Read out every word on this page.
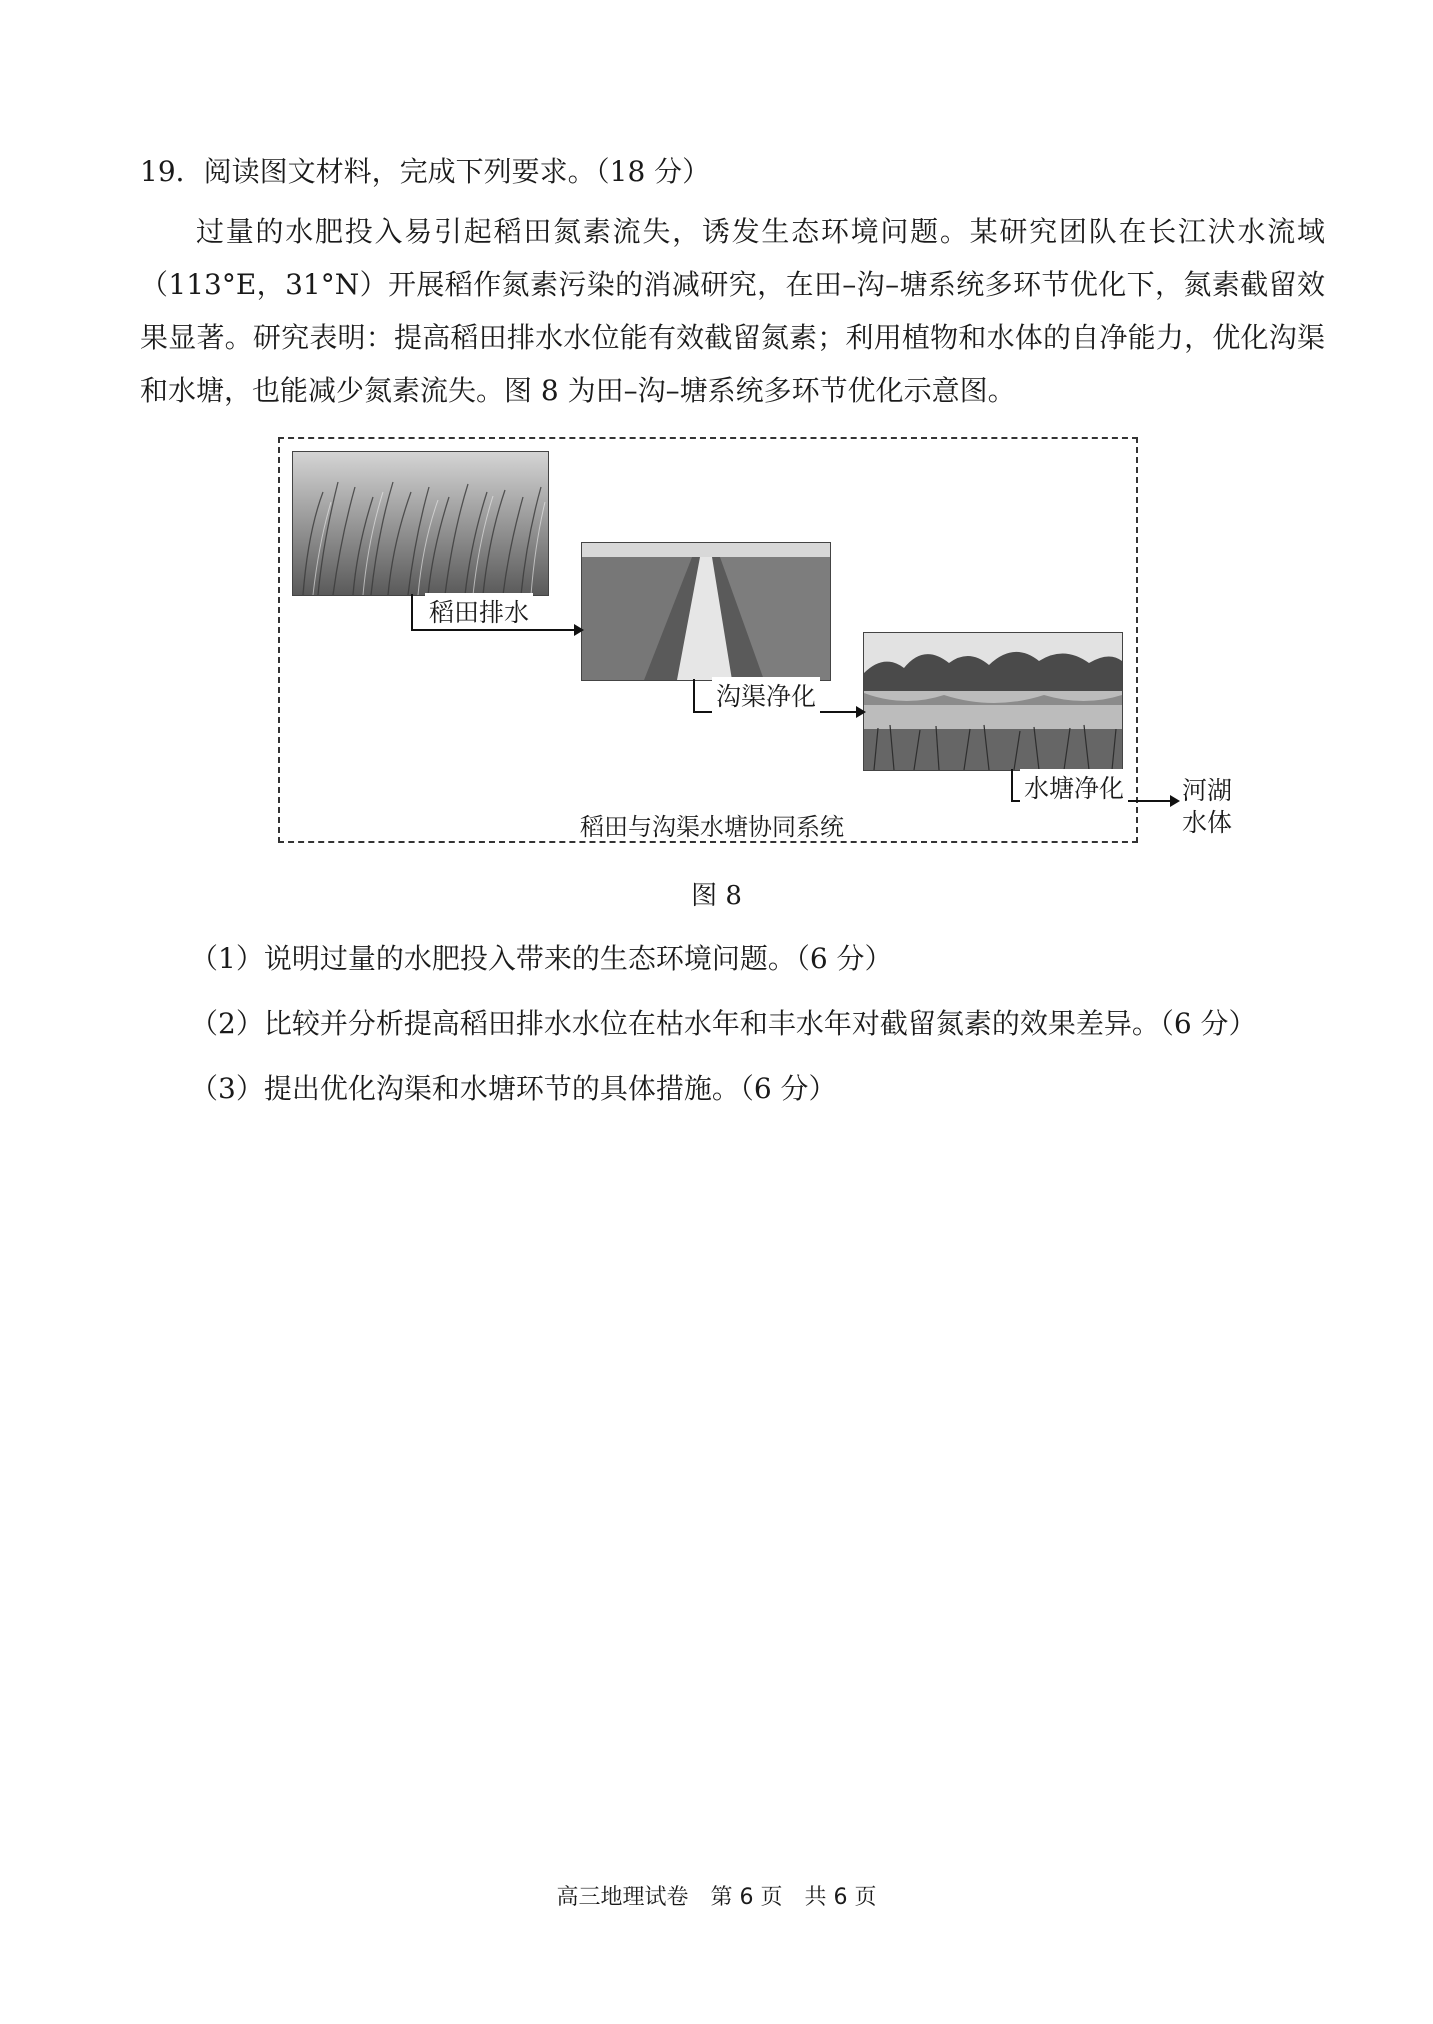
19．阅读图文材料，完成下列要求。（18 分）
过量的水肥投入易引起稻田氮素流失，诱发生态环境问题。某研究团队在长江汱水流域（113°E，31°N）开展稻作氮素污染的消减研究，在田–沟–塘系统多环节优化下，氮素截留效果显著。研究表明：提高稻田排水水位能有效截留氮素；利用植物和水体的自净能力，优化沟渠和水塘，也能减少氮素流失。图 8 为田–沟–塘系统多环节优化示意图。
稻田排水
沟渠净化
水塘净化
稻田与沟渠水塘协同系统
河湖
水体
图 8
（1）说明过量的水肥投入带来的生态环境问题。（6 分）
（2）比较并分析提高稻田排水水位在枯水年和丰水年对截留氮素的效果差异。（6 分）
（3）提出优化沟渠和水塘环节的具体措施。（6 分）
高三地理试卷　第 6 页　共 6 页
